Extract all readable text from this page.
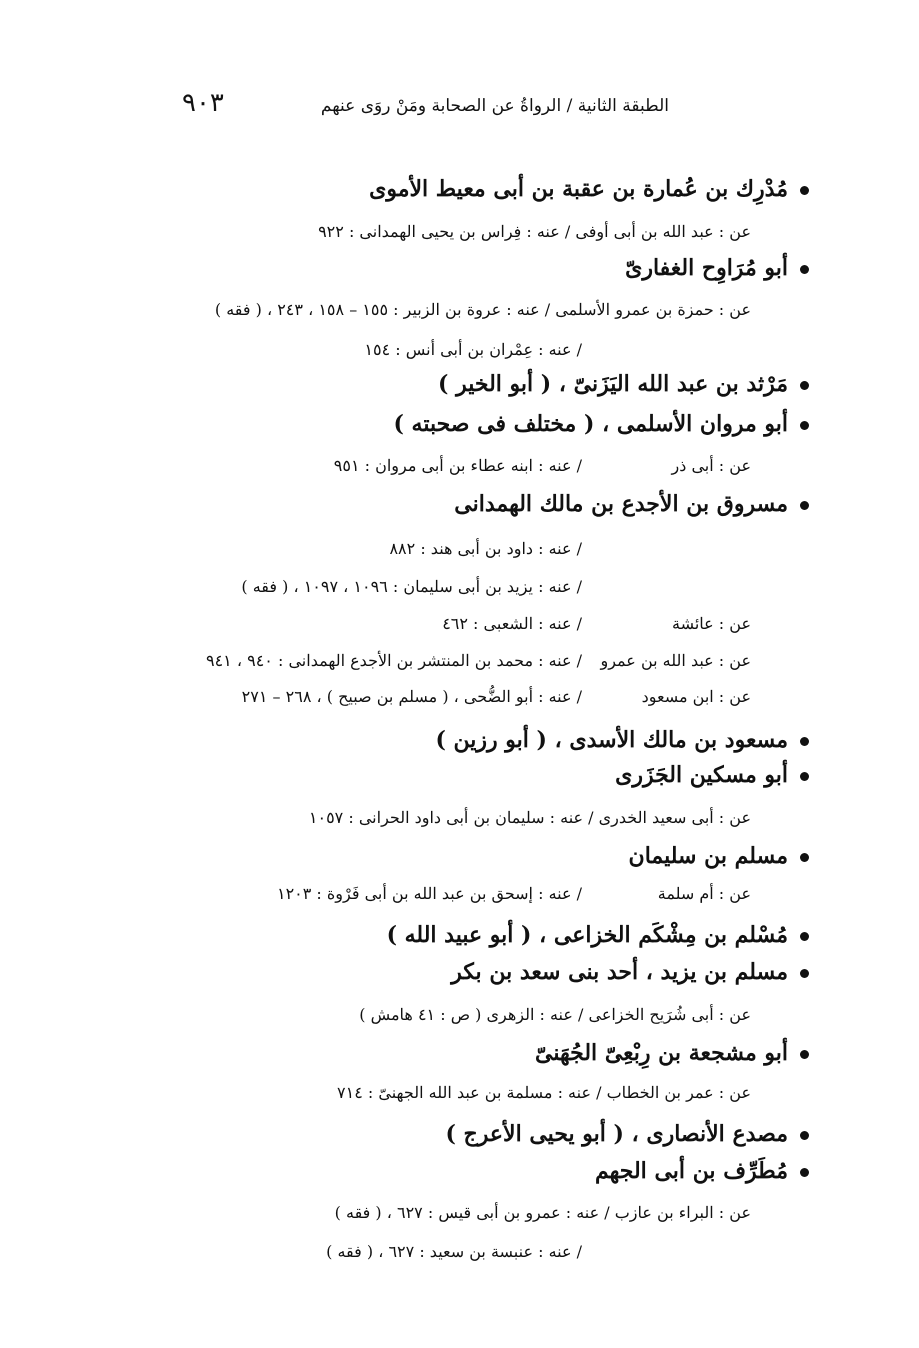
الطبقة الثانية / الرواةُ عن الصحابة ومَنْ روَى عنهم
٩٠٣
مُدْرِك بن عُمارة بن عقبة بن أبى معيط الأموى
عن : عبد الله بن أبى أوفى / عنه : فِراس بن يحيى الهمدانى : ٩٢٢
أبو مُرَاوِح الغفارىّ
عن : حمزة بن عمرو الأسلمى / عنه : عروة بن الزبير : ١٥٥ – ١٥٨ ، ٢٤٣ ، ( فقه )
/ عنه : عِمْران بن أبى أنس : ١٥٤
مَرْثد بن عبد الله اليَزَنىّ ، ( أبو الخير )
أبو مروان الأسلمى ، ( مختلف فى صحبته )
عن : أبى ذر
/ عنه : ابنه عطاء بن أبى مروان : ٩٥١
مسروق بن الأجدع بن مالك الهمدانى
/ عنه : داود بن أبى هند : ٨٨٢
/ عنه : يزيد بن أبى سليمان : ١٠٩٦ ، ١٠٩٧ ، ( فقه )
عن : عائشة
/ عنه : الشعبى : ٤٦٢
عن : عبد الله بن عمرو
/ عنه : محمد بن المنتشر بن الأجدع الهمدانى : ٩٤٠ ، ٩٤١
عن : ابن مسعود
/ عنه : أبو الضُّحى ، ( مسلم بن صبيح ) ، ٢٦٨ – ٢٧١
مسعود بن مالك الأسدى ، ( أبو رزين )
أبو مسكين الجَزَرى
عن : أبى سعيد الخدرى / عنه : سليمان بن أبى داود الحرانى : ١٠٥٧
مسلم بن سليمان
عن : أم سلمة
/ عنه : إسحق بن عبد الله بن أبى فَرْوة : ١٢٠٣
مُسْلم بن مِشْكَم الخزاعى ، ( أبو عبيد الله )
مسلم بن يزيد ، أحد بنى سعد بن بكر
عن : أبى شُرَيح الخزاعى / عنه : الزهرى ( ص : ٤١ هامش )
أبو مشجعة بن رِبْعِىّ الجُهَنىّ
عن : عمر بن الخطاب / عنه : مسلمة بن عبد الله الجهنىّ : ٧١٤
مصدع الأنصارى ، ( أبو يحيى الأعرج )
مُطَرِّف بن أبى الجهم
عن : البراء بن عازب / عنه : عمرو بن أبى قيس : ٦٢٧ ، ( فقه )
/ عنه : عنبسة بن سعيد : ٦٢٧ ، ( فقه )
